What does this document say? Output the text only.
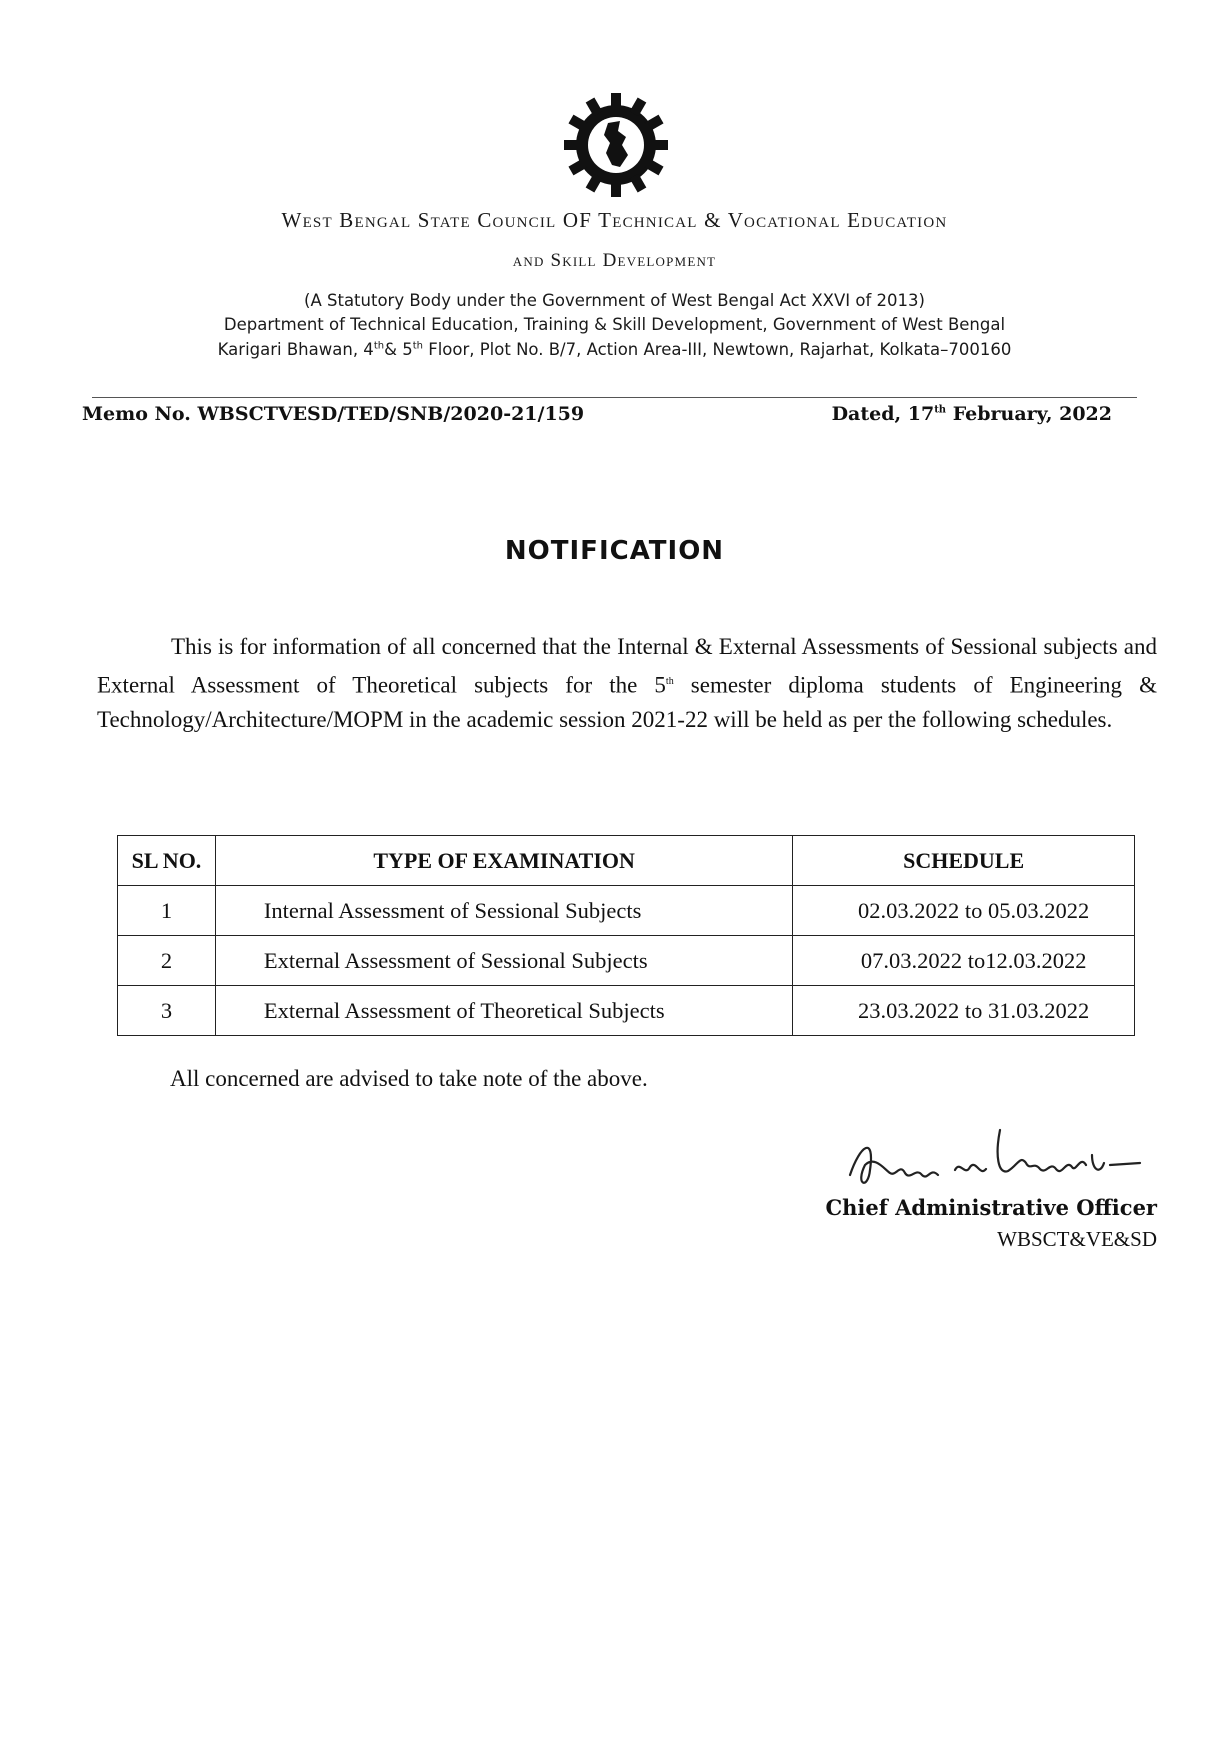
West Bengal State Council OF Technical & Vocational Education
and Skill Development
(A Statutory Body under the Government of West Bengal Act XXVI of 2013)
Department of Technical Education, Training & Skill Development, Government of West Bengal
Karigari Bhawan, 4th& 5th Floor, Plot No. B/7, Action Area-III, Newtown, Rajarhat, Kolkata–700160
Memo No. WBSCTVESD/TED/SNB/2020-21/159	Dated, 17th February, 2022
NOTIFICATION
This is for information of all concerned that the Internal & External Assessments of Sessional subjects and External Assessment of Theoretical subjects for the 5th semester diploma students of Engineering & Technology/Architecture/MOPM in the academic session 2021-22 will be held as per the following schedules.
SL NO.	TYPE OF EXAMINATION	SCHEDULE
1	Internal Assessment of Sessional Subjects	02.03.2022 to 05.03.2022
2	External Assessment of Sessional Subjects	07.03.2022 to12.03.2022
3	External Assessment of Theoretical Subjects	23.03.2022 to 31.03.2022
All concerned are advised to take note of the above.
Chief Administrative Officer
WBSCT&VE&SD
